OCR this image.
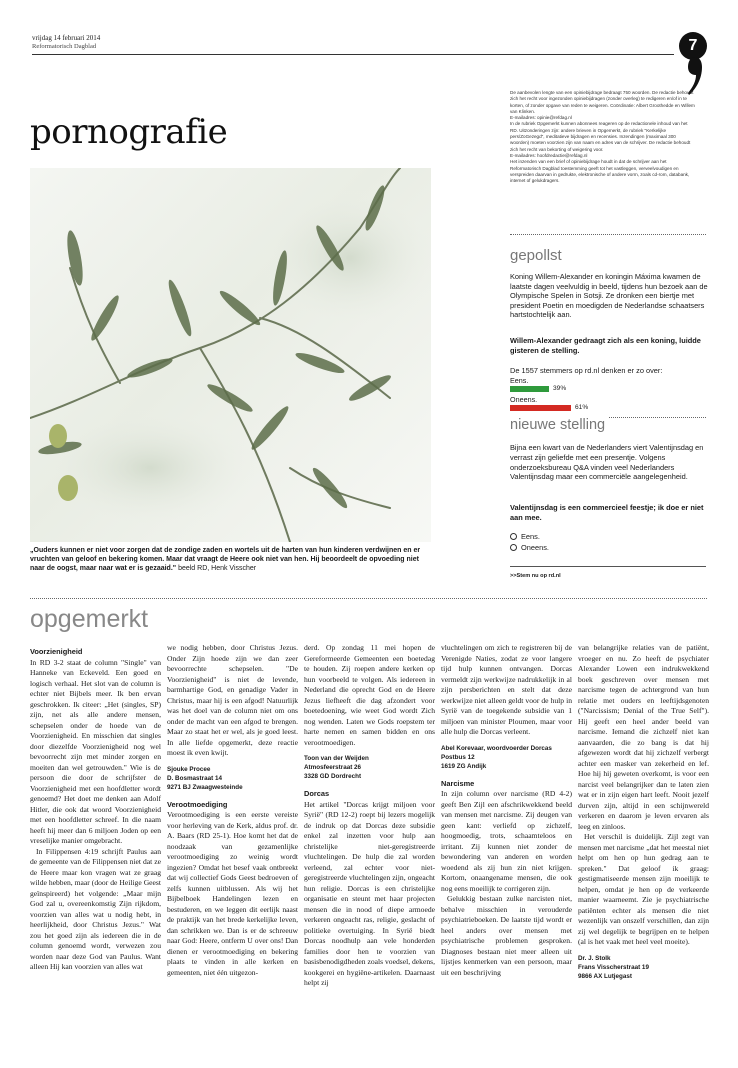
vrijdag 14 februari 2014
Reformatorisch Dagblad	7
pornografie

De aanbevolen lengte van een opiniebijdrage bedraagt 750 woorden. De redactie behoudt zich het recht voor ingezonden opiniebijdragen (zonder overleg) te redigeren en/of in te korten, of zonder opgave van reden te weigeren. Coördinatie: Albert Groothedde en Willem van Klinken.

E-mailadres: opinie@refdag.nl

In de rubriek Opgemerkt kunnen abonnees reageren op de redactionele inhoud van het RD. Uitzonderingen zijn: andere brieven in Opgemerkt, de rubriek "Kerkelijke pers/ZoGezegd", meditatieve bijdragen en recensies. Inzendingen (maximaal 300 woorden) moeten voorzien zijn van naam en adres van de schrijver. De redactie behoudt zich het recht van bekorting of weigering voor.

E-mailadres: hoofdredactie@refdag.nl

Het inzenden van een brief of opiniebijdrage houdt in dat de schrijver aan het Reformatorisch Dagblad toestemming geeft tot het vastleggen, verveelvoudigen en verspreiden daarvan in gedrukte, elektronische of andere vorm, zoals cd-rom, databank, internet of gelukdragers.

„Ouders kunnen er niet voor zorgen dat de zondige zaden en wortels uit de harten van hun kinderen verdwijnen en er vruchten van geloof en bekering komen. Maar dat vraagt de Heere ook niet van hen. Hij beoordeelt de opvoeding niet naar de oogst, maar naar wat er is gezaaid." beeld RD, Henk Visscher
gepollst
Koning Willem-Alexander en koningin Máxima kwamen de laatste dagen veelvuldig in beeld, tijdens hun bezoek aan de Olympische Spelen in Sotsji. Ze dronken een biertje met president Poetin en moedigden de Nederlandse schaatsers hartstochtelijk aan.
Willem-Alexander gedraagt zich als een koning, luidde gisteren de stelling.
De 1557 stemmers op rd.nl denken er zo over:
Eens.
39%
Oneens.
61%
nieuwe stelling
Bijna een kwart van de Nederlanders viert Valentijnsdag en verrast zijn geliefde met een presentje. Volgens onderzoeksbureau Q&A vinden veel Nederlanders Valentijnsdag maar een commerciële aangelegenheid.
Valentijnsdag is een commercieel feestje; ik doe er niet aan mee.
Eens.
Oneens.
>>Stem nu op rd.nl
opgemerkt
Voorzienigheid

In RD 3-2 staat de column "Single" van Hanneke van Eckeveld. Een goed en logisch verhaal. Het slot van de column is echter niet Bijbels meer. Ik ben ervan geschrokken. Ik citeer: „Het (singles, SP) zijn, net als alle andere mensen, schepselen onder de hoede van de Voorzienigheid. En misschien dat singles door diezelfde Voorzienigheid nog wel bevoorrecht zijn met minder zorgen en moeiten dan wel getrouwden." Wie is de persoon die door de schrijfster de Voorzienigheid met een hoofdletter wordt genoemd? Het doet me denken aan Adolf Hitler, die ook dat woord Voorzienigheid met een hoofdletter schreef. In die naam heeft hij meer dan 6 miljoen Joden op een vreselijke manier omgebracht.

In Filippensen 4:19 schrijft Paulus aan de gemeente van de Filippensen niet dat ze de Heere maar kon vragen wat ze graag wilde hebben, maar (door de Heilige Geest geïnspireerd) het volgende: „Maar mijn God zal u, overeenkomstig Zijn rijkdom, voorzien van alles wat u nodig hebt, in heerlijkheid, door Christus Jezus." Wat zou het goed zijn als iedereen die in de column genoemd wordt, verwezen zou worden naar deze God van Paulus. Want alleen Hij kan voorzien van alles wat

we nodig hebben, door Christus Jezus. Onder Zijn hoede zijn we dan zeer bevoorrechte schepselen. "De Voorzienigheid" is niet de levende, barmhartige God, en genadige Vader in Christus, maar hij is een afgod! Natuurlijk was het doel van de column niet om ons onder de macht van een afgod te brengen. Maar zo staat het er wel, als je goed leest. In alle liefde opgemerkt, deze reactie moest ik even kwijt.

Sjouke Procee
D. Bosmastraat 14
9271 BJ Zwaagwesteinde
Verootmoediging

Verootmoediging is een eerste vereiste voor herleving van de Kerk, aldus prof. dr. A. Baars (RD 25-1). Hoe komt het dat de noodzaak van gezamenlijke verootmoediging zo weinig wordt ingezien? Omdat het besef vaak ontbreekt dat wij collectief Gods Geest bedroeven of zelfs kunnen uitblussen. Als wij het Bijbelboek Handelingen lezen en bestuderen, en we leggen dit eerlijk naast de praktijk van het brede kerkelijke leven, dan schrikken we. Dan is er de schreeuw naar God: Heere, ontferm U over ons! Dan dienen er verootmoediging en bekering plaats te vinden in alle kerken en gemeenten, niet één uitgezon-

derd. Op zondag 11 mei hopen de Gereformeerde Gemeenten een boetedag te houden. Zij roepen andere kerken op hun voorbeeld te volgen. Als iedereen in Nederland die oprecht God en de Heere Jezus liefheeft die dag afzondert voor boetedoening, wie weet God wordt Zich nog wenden. Laten we Gods roepstem ter harte nemen en samen bidden en ons verootmoedigen.

Toon van der Weijden
Atmosfeerstraat 26
3328 GD Dordrecht
Dorcas

Het artikel "Dorcas krijgt miljoen voor Syrië" (RD 12-2) roept bij lezers mogelijk de indruk op dat Dorcas deze subsidie enkel zal inzetten voor hulp aan christelijke niet-geregistreerde vluchtelingen. De hulp die zal worden verleend, zal echter voor niet-geregistreerde vluchtelingen zijn, ongeacht hun religie. Dorcas is een christelijke organisatie en steunt met haar projecten mensen die in nood of diepe armoede verkeren ongeacht ras, religie, geslacht of politieke overtuiging. In Syrië biedt Dorcas noodhulp aan vele honderden families door hen te voorzien van basisbenodigdheden zoals voedsel, dekens, kookgerei en hygiëne-artikelen. Daarnaast helpt zij

vluchtelingen om zich te registreren bij de Verenigde Naties, zodat ze voor langere tijd hulp kunnen ontvangen. Dorcas vermeldt zijn werkwijze nadrukkelijk in al zijn persberichten en stelt dat deze werkwijze niet alleen geldt voor de hulp in Syrië van de toegekende subsidie van 1 miljoen van minister Ploumen, maar voor alle hulp die Dorcas verleent.

Abel Korevaar, woordvoerder Dorcas
Postbus 12
1619 ZG Andijk
Narcisme

In zijn column over narcisme (RD 4-2) geeft Ben Zijl een afschrikwekkend beeld van mensen met narcisme. Zij deugen van geen kant: verliefd op zichzelf, hoogmoedig, trots, schaamteloos en irritant. Zij kunnen niet zonder de bewondering van anderen en worden woedend als zij hun zin niet krijgen. Kortom, onaangename mensen, die ook nog eens moeilijk te corrigeren zijn.

Gelukkig bestaan zulke narcisten niet, behalve misschien in verouderde psychiatrieboeken. De laatste tijd wordt er heel anders over mensen met psychiatrische problemen gesproken. Diagnoses bestaan niet meer alleen uit lijstjes kenmerken van een persoon, maar uit een beschrijving

van belangrijke relaties van de patiënt, vroeger en nu. Zo heeft de psychiater Alexander Lowen een indrukwekkend boek geschreven over mensen met narcisme tegen de achtergrond van hun relatie met ouders en leeftijdsgenoten ("Narcissism; Denial of the True Self"). Hij geeft een heel ander beeld van narcisme. Iemand die zichzelf niet kan aanvaarden, die zo bang is dat hij afgewezen wordt dat hij zichzelf verbergt achter een masker van zekerheid en lef. Hoe hij hij geweten overkomt, is voor een narcist veel belangrijker dan te laten zien wat er in zijn eigen hart leeft. Nooit jezelf durven zijn, altijd in een schijnwereld verkeren en daarom je leven ervaren als leeg en zinloos.

Het verschil is duidelijk. Zijl zegt van mensen met narcisme „dat het meestal niet helpt om hen op hun gedrag aan te spreken." Dat geloof ik graag: gestigmatiseerde mensen zijn moeilijk te helpen, omdat je hen op de verkeerde manier waarneemt. Zie je psychiatrische patiënten echter als mensen die niet wezenlijk van onszelf verschillen, dan zijn zij wel degelijk te begrijpen en te helpen (al is het vaak met heel veel moeite).

Dr. J. Stolk
Frans Visscherstraat 19
9866 AX Lutjegast
